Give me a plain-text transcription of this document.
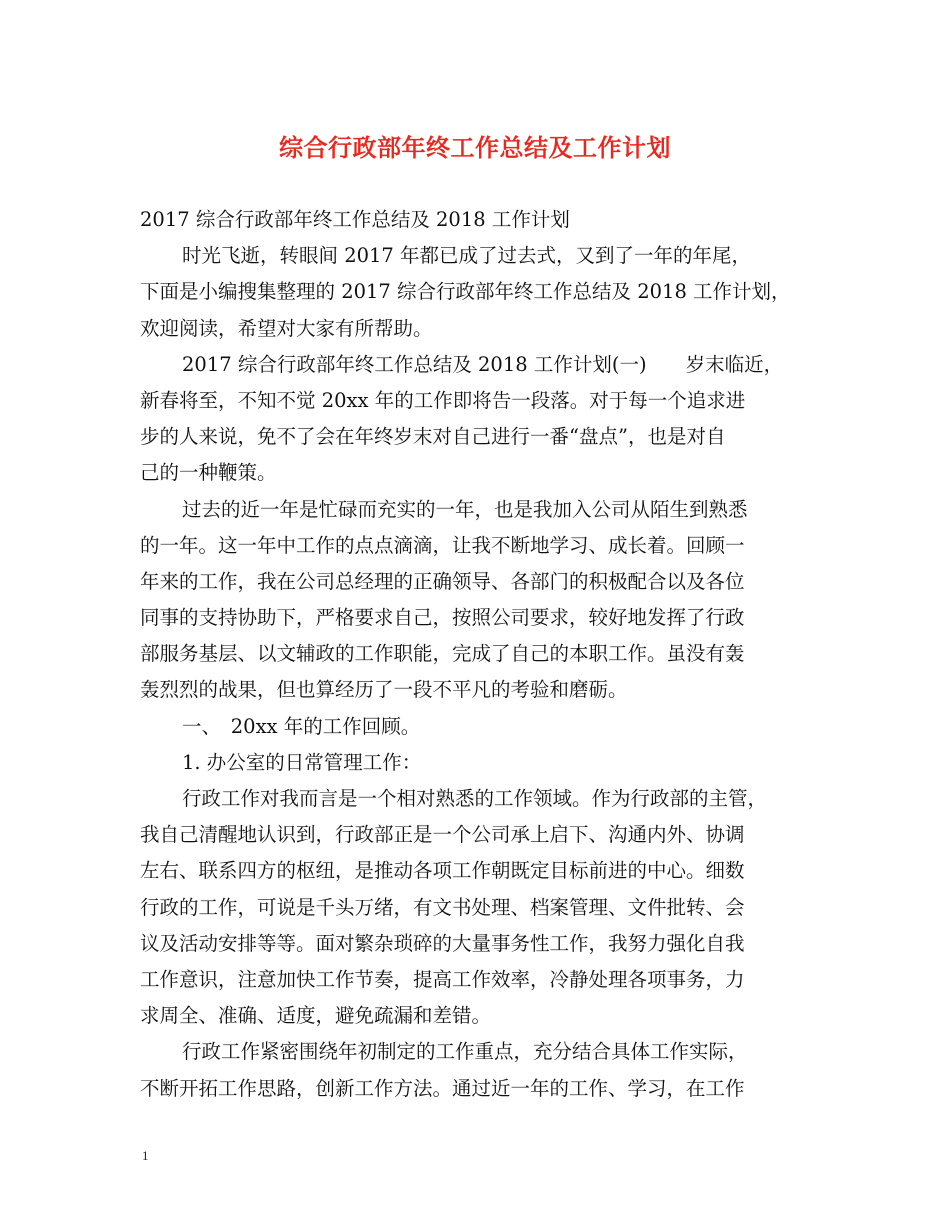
综合行政部年终工作总结及工作计划
2017 综合行政部年终工作总结及 2018 工作计划
时光飞逝，转眼间 2017 年都已成了过去式，又到了一年的年尾，
下面是小编搜集整理的 2017 综合行政部年终工作总结及 2018 工作计划，
欢迎阅读，希望对大家有所帮助。
2017 综合行政部年终工作总结及 2018 工作计划(一)　　岁末临近，
新春将至，不知不觉 20xx 年的工作即将告一段落。对于每一个追求进
步的人来说，免不了会在年终岁末对自己进行一番“盘点”，也是对自
己的一种鞭策。
过去的近一年是忙碌而充实的一年，也是我加入公司从陌生到熟悉
的一年。这一年中工作的点点滴滴，让我不断地学习、成长着。回顾一
年来的工作，我在公司总经理的正确领导、各部门的积极配合以及各位
同事的支持协助下，严格要求自己，按照公司要求，较好地发挥了行政
部服务基层、以文辅政的工作职能，完成了自己的本职工作。虽没有轰
轰烈烈的战果，但也算经历了一段不平凡的考验和磨砺。
一、　20xx 年的工作回顾。
1. 办公室的日常管理工作：
行政工作对我而言是一个相对熟悉的工作领域。作为行政部的主管，
我自己清醒地认识到，行政部正是一个公司承上启下、沟通内外、协调
左右、联系四方的枢纽，是推动各项工作朝既定目标前进的中心。细数
行政的工作，可说是千头万绪，有文书处理、档案管理、文件批转、会
议及活动安排等等。面对繁杂琐碎的大量事务性工作，我努力强化自我
工作意识，注意加快工作节奏，提高工作效率，冷静处理各项事务，力
求周全、准确、适度，避免疏漏和差错。
行政工作紧密围绕年初制定的工作重点，充分结合具体工作实际，
不断开拓工作思路，创新工作方法。通过近一年的工作、学习，在工作
1
